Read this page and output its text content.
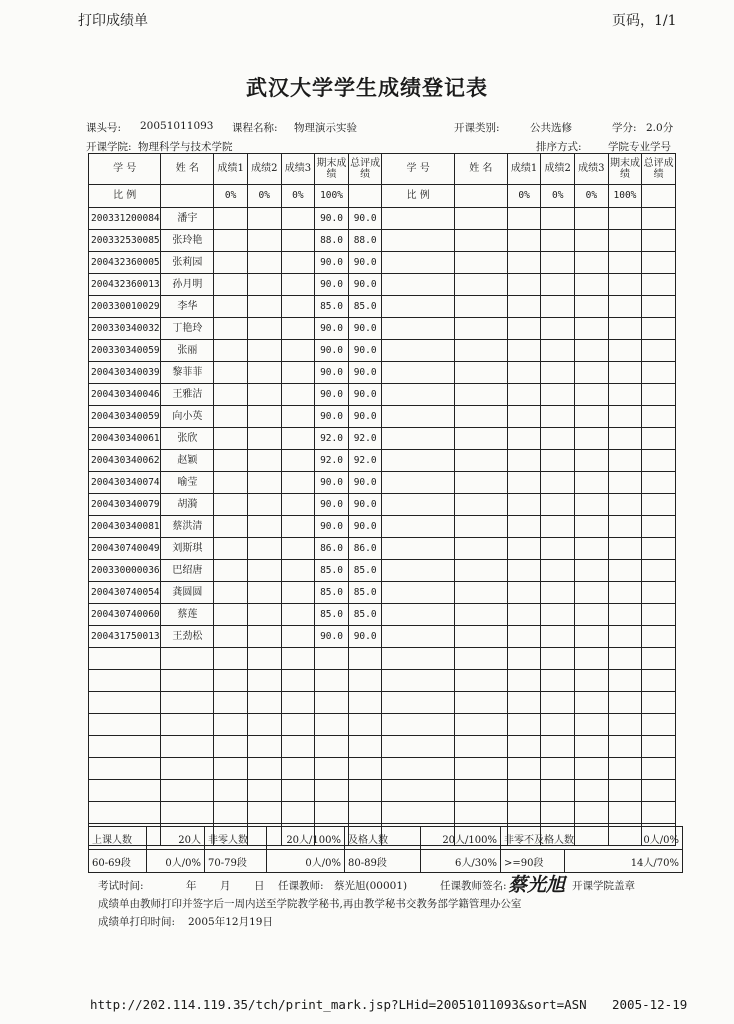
打印成绩单	页码，1/1
武汉大学学生成绩登记表
课头号: 20051011093 课程名称: 物理演示实验	开课类别:	公共选修	学分: 2.0分
开课学院: 物理科学与技术学院	排序方式:	学院专业学号
学 号	姓 名	成绩1	成绩2	成绩3	期末成绩	总评成绩	学 号	姓 名	成绩1	成绩2	成绩3	期末成绩	总评成绩
比 例		0%	0%	0%	100%		比 例		0%	0%	0%	100%	
200331200084	潘宇				90.0	90.0							
200332530085	张玲艳				88.0	88.0							
200432360005	张莉园				90.0	90.0							
200432360013	孙月明				90.0	90.0							
200330010029	李华				85.0	85.0							
200330340032	丁艳玲				90.0	90.0							
200330340059	张丽				90.0	90.0							
200430340039	黎菲菲				90.0	90.0							
200430340046	王雅洁				90.0	90.0							
200430340059	向小英				90.0	90.0							
200430340061	张欣				92.0	92.0							
200430340062	赵颖				92.0	92.0							
200430340074	喻莹				90.0	90.0							
200430340079	胡漪				90.0	90.0							
200430340081	蔡洪清				90.0	90.0							
200430740049	刘斯琪				86.0	86.0							
200330000036	巴绍唐				85.0	85.0							
200430740054	龚圆圆				85.0	85.0							
200430740060	蔡莲				85.0	85.0							
200431750013	王劲松				90.0	90.0							

上课人数	20人	非零人数	20人/100%	及格人数	20人/100%	非零不及格人数 0人/0%	

60-69段	0人/0%	70-79段	0人/0%	80-89段	6人/30%	>=90段	14人/70%
考试时间:	年 月 日 任课教师: 蔡光旭(00001)	任课教师签名: 蔡光旭 开课学院盖章
成绩单由教师打印并签字后一周内送至学院教学秘书,再由教学秘书交教务部学籍管理办公室
成绩单打印时间: 2005年12月19日
http://202.114.119.35/tch/print_mark.jsp?LHid=20051011093&sort=ASN 2005-12-19
